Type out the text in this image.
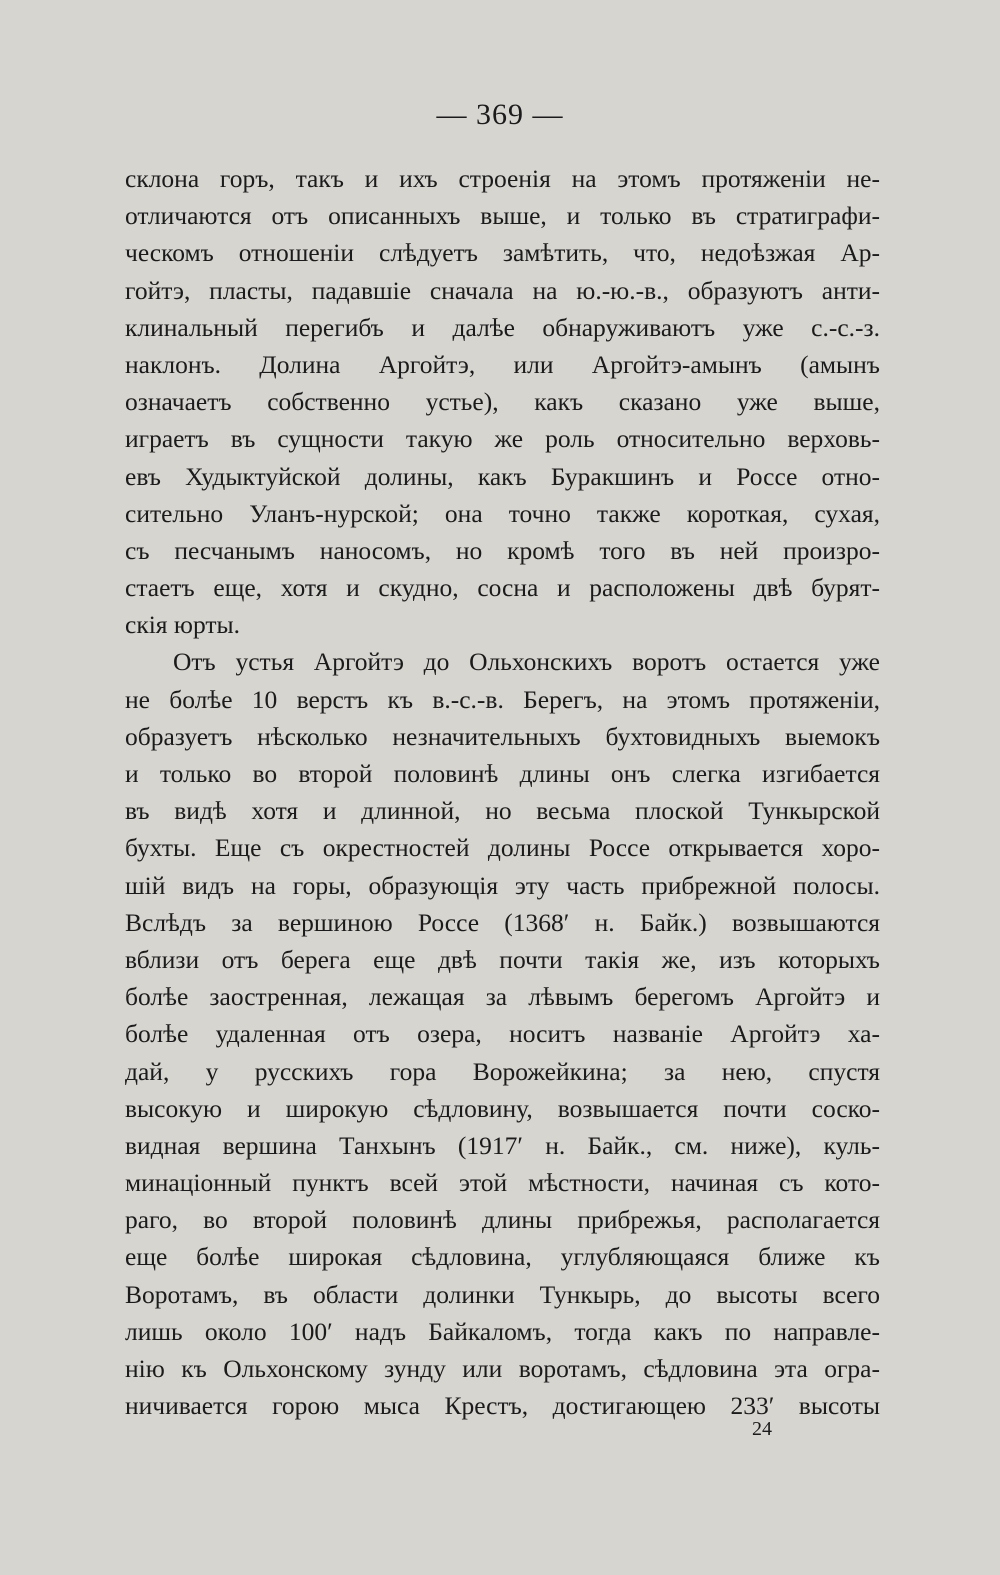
— 369 —
склона горъ, такъ и ихъ строенія на этомъ протяженіи не-
отличаются отъ описанныхъ выше, и только въ стратиграфи-
ческомъ отношеніи слѣдуетъ замѣтить, что, недоѣзжая Ар-
гойтэ, пласты, падавшіе сначала на ю.-ю.-в., образуютъ анти-
клинальный перегибъ и далѣе обнаруживаютъ уже с.-с.-з.
наклонъ. Долина Аргойтэ, или Аргойтэ-амынъ (амынъ
означаетъ собственно устье), какъ сказано уже выше,
играетъ въ сущности такую же роль относительно верховь-
евъ Худыктуйской долины, какъ Буракшинъ и Россе отно-
сительно Уланъ-нурской; она точно также короткая, сухая,
съ песчанымъ наносомъ, но кромѣ того въ ней произро-
стаетъ еще, хотя и скудно, сосна и расположены двѣ бурят-
скія юрты.
Отъ устья Аргойтэ до Ольхонскихъ воротъ остается уже
не болѣе 10 верстъ къ в.-с.-в. Берегъ, на этомъ протяженіи,
образуетъ нѣсколько незначительныхъ бухтовидныхъ выемокъ
и только во второй половинѣ длины онъ слегка изгибается
въ видѣ хотя и длинной, но весьма плоской Тункырской
бухты. Еще съ окрестностей долины Россе открывается хоро-
шій видъ на горы, образующія эту часть прибрежной полосы.
Вслѣдъ за вершиною Россе (1368′ н. Байк.) возвышаются
вблизи отъ берега еще двѣ почти такія же, изъ которыхъ
болѣе заостренная, лежащая за лѣвымъ берегомъ Аргойтэ и
болѣе удаленная отъ озера, носитъ названіе Аргойтэ ха-
дай, у русскихъ гора Ворожейкина; за нею, спустя
высокую и широкую сѣдловину, возвышается почти соско-
видная вершина Танхынъ (1917′ н. Байк., см. ниже), куль-
минаціонный пунктъ всей этой мѣстности, начиная съ кото-
раго, во второй половинѣ длины прибрежья, располагается
еще болѣе широкая сѣдловина, углубляющаяся ближе къ
Воротамъ, въ области долинки Тункырь, до высоты всего
лишь около 100′ надъ Байкаломъ, тогда какъ по направле-
нію къ Ольхонскому зунду или воротамъ, сѣдловина эта огра-
ничивается горою мыса Крестъ, достигающею 233′ высоты
24
